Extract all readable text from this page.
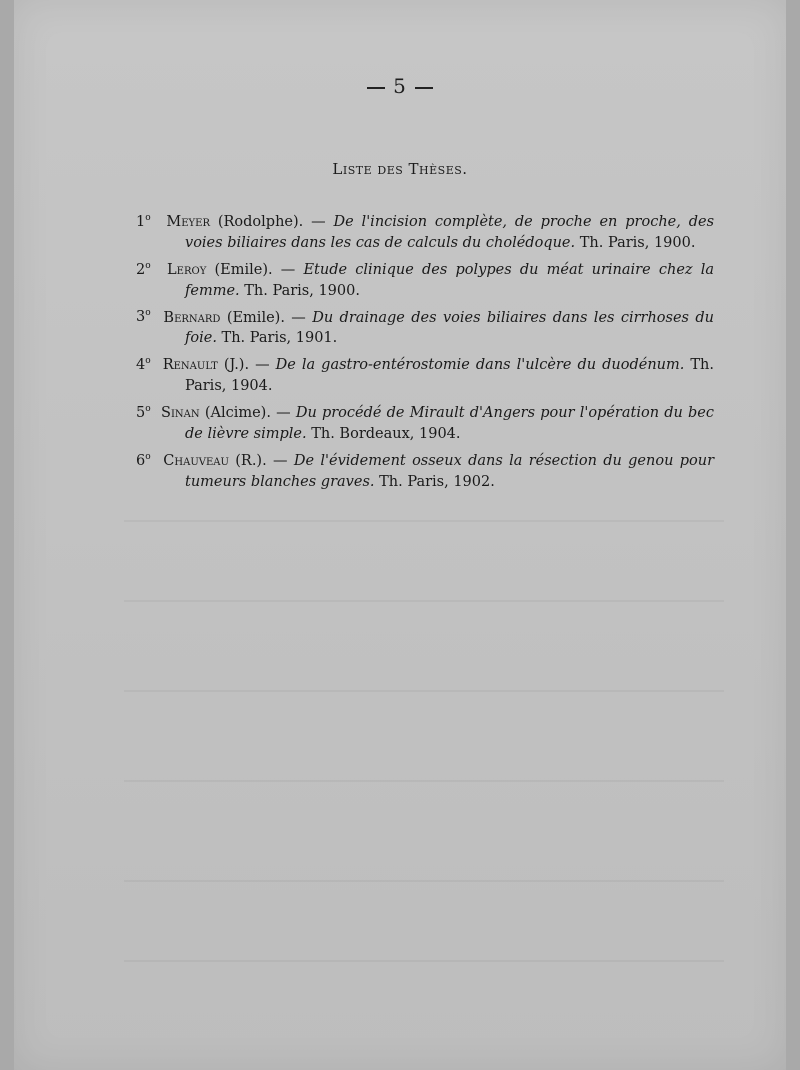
5
Liste des Thèses.
1$^o$ Meyer (Rodolphe). — De l'incision complète, de proche en proche, des voies biliaires dans les cas de calculs du cholédoque. Th. Paris, 1900.
2$^o$ Leroy (Emile). — Etude clinique des polypes du méat urinaire chez la femme. Th. Paris, 1900.
3$^o$ Bernard (Emile). — Du drainage des voies biliaires dans les cirrhoses du foie. Th. Paris, 1901.
4$^o$ Renault (J.). — De la gastro-entérostomie dans l'ulcère du duodénum. Th. Paris, 1904.
5$^o$ Sinan (Alcime). — Du procédé de Mirault d'Angers pour l'opération du bec de lièvre simple. Th. Bordeaux, 1904.
6$^o$ Chauveau (R.). — De l'évidement osseux dans la résection du genou pour tumeurs blanches graves. Th. Paris, 1902.
